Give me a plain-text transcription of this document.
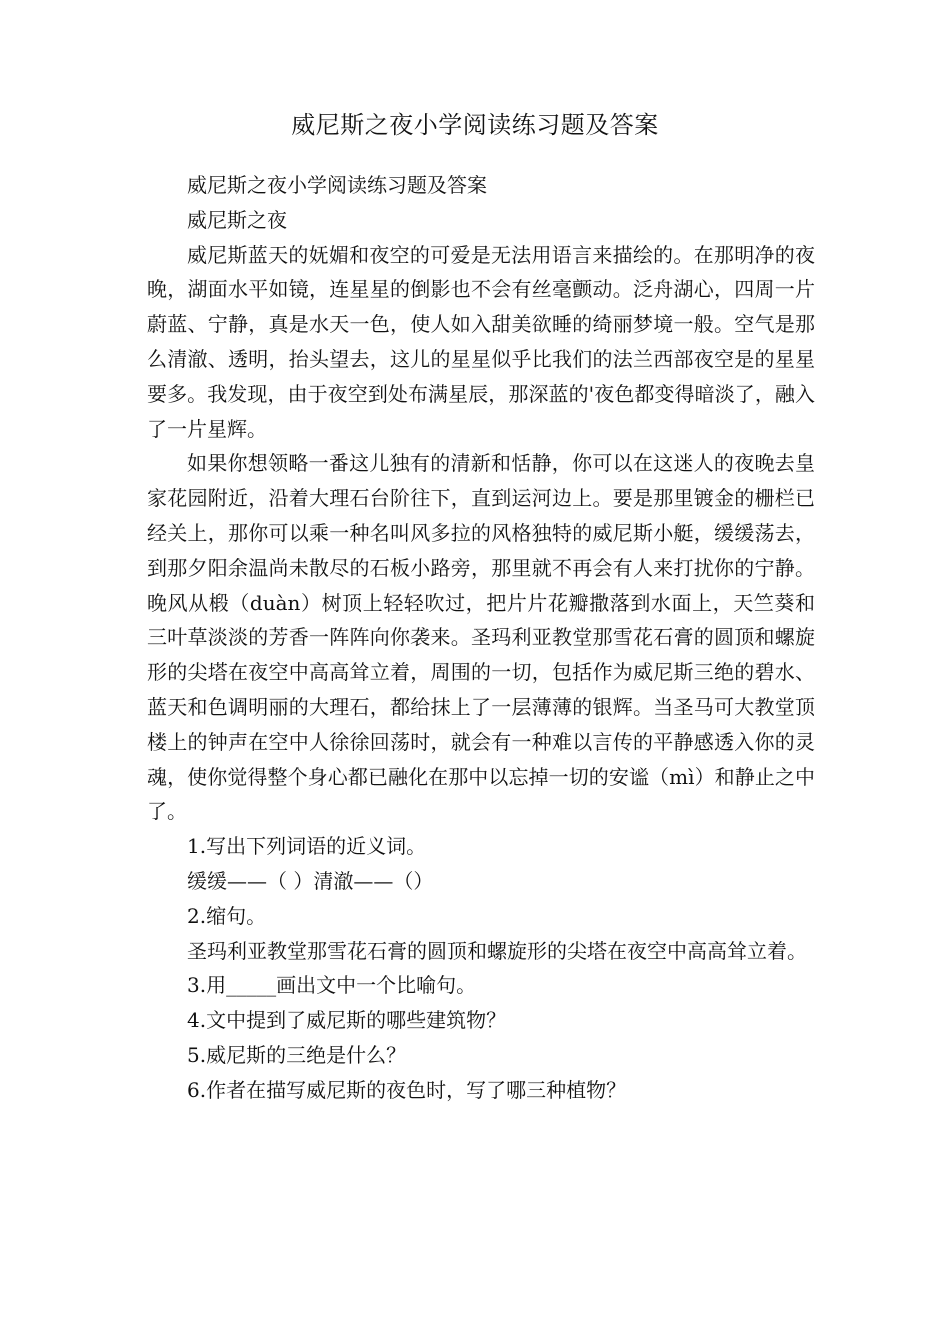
威尼斯之夜小学阅读练习题及答案

威尼斯之夜小学阅读练习题及答案

威尼斯之夜

威尼斯蓝天的妩媚和夜空的可爱是无法用语言来描绘的。在那明净的夜晚，湖面水平如镜，连星星的倒影也不会有丝毫颤动。泛舟湖心，四周一片蔚蓝、宁静，真是水天一色，使人如入甜美欲睡的绮丽梦境一般。空气是那么清澈、透明，抬头望去，这儿的星星似乎比我们的法兰西部夜空是的星星要多。我发现，由于夜空到处布满星辰，那深蓝的'夜色都变得暗淡了，融入了一片星辉。

如果你想领略一番这儿独有的清新和恬静，你可以在这迷人的夜晚去皇家花园附近，沿着大理石台阶往下，直到运河边上。要是那里镀金的栅栏已经关上，那你可以乘一种名叫风多拉的风格独特的威尼斯小艇，缓缓荡去，到那夕阳余温尚未散尽的石板小路旁，那里就不再会有人来打扰你的宁静。晚风从椴（duàn）树顶上轻轻吹过，把片片花瓣撒落到水面上，天竺葵和三叶草淡淡的芳香一阵阵向你袭来。圣玛利亚教堂那雪花石膏的圆顶和螺旋形的尖塔在夜空中高高耸立着，周围的一切，包括作为威尼斯三绝的碧水、蓝天和色调明丽的大理石，都给抹上了一层薄薄的银辉。当圣马可大教堂顶楼上的钟声在空中人徐徐回荡时，就会有一种难以言传的平静感透入你的灵魂，使你觉得整个身心都已融化在那中以忘掉一切的安谧（mì）和静止之中了。

1.写出下列词语的近义词。

缓缓——（ ）清澈——（）

2.缩句。

圣玛利亚教堂那雪花石膏的圆顶和螺旋形的尖塔在夜空中高高耸立着。

3.用_____画出文中一个比喻句。

4.文中提到了威尼斯的哪些建筑物？

5.威尼斯的三绝是什么？

6.作者在描写威尼斯的夜色时，写了哪三种植物？
